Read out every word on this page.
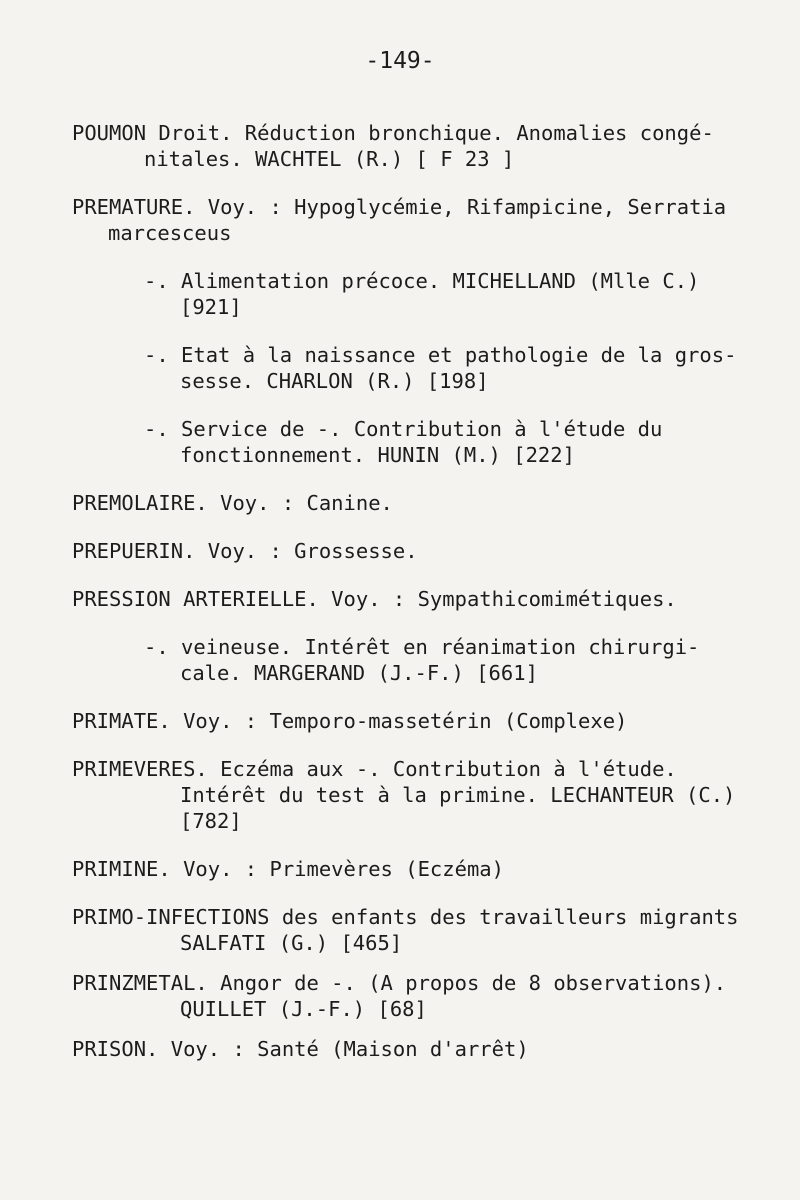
-149-
POUMON Droit. Réduction bronchique. Anomalies congé-
nitales. WACHTEL (R.) [ F 23 ]
PREMATURE. Voy. : Hypoglycémie, Rifampicine, Serratia
marcesceus
-. Alimentation précoce. MICHELLAND (Mlle C.)
[921]
-. Etat à la naissance et pathologie de la gros-
sesse. CHARLON (R.) [198]
-. Service de -. Contribution à l'étude du
fonctionnement. HUNIN (M.) [222]
PREMOLAIRE. Voy. : Canine.
PREPUERIN. Voy. : Grossesse.
PRESSION ARTERIELLE. Voy. : Sympathicomimétiques.
-. veineuse. Intérêt en réanimation chirurgi-
cale. MARGERAND (J.-F.) [661]
PRIMATE. Voy. : Temporo-massetérin (Complexe)
PRIMEVERES. Eczéma aux -. Contribution à l'étude.
Intérêt du test à la primine. LECHANTEUR (C.)
[782]
PRIMINE. Voy. : Primevères (Eczéma)
PRIMO-INFECTIONS des enfants des travailleurs migrants
SALFATI (G.) [465]
PRINZMETAL. Angor de -. (A propos de 8 observations).
QUILLET (J.-F.) [68]
PRISON. Voy. : Santé (Maison d'arrêt)
